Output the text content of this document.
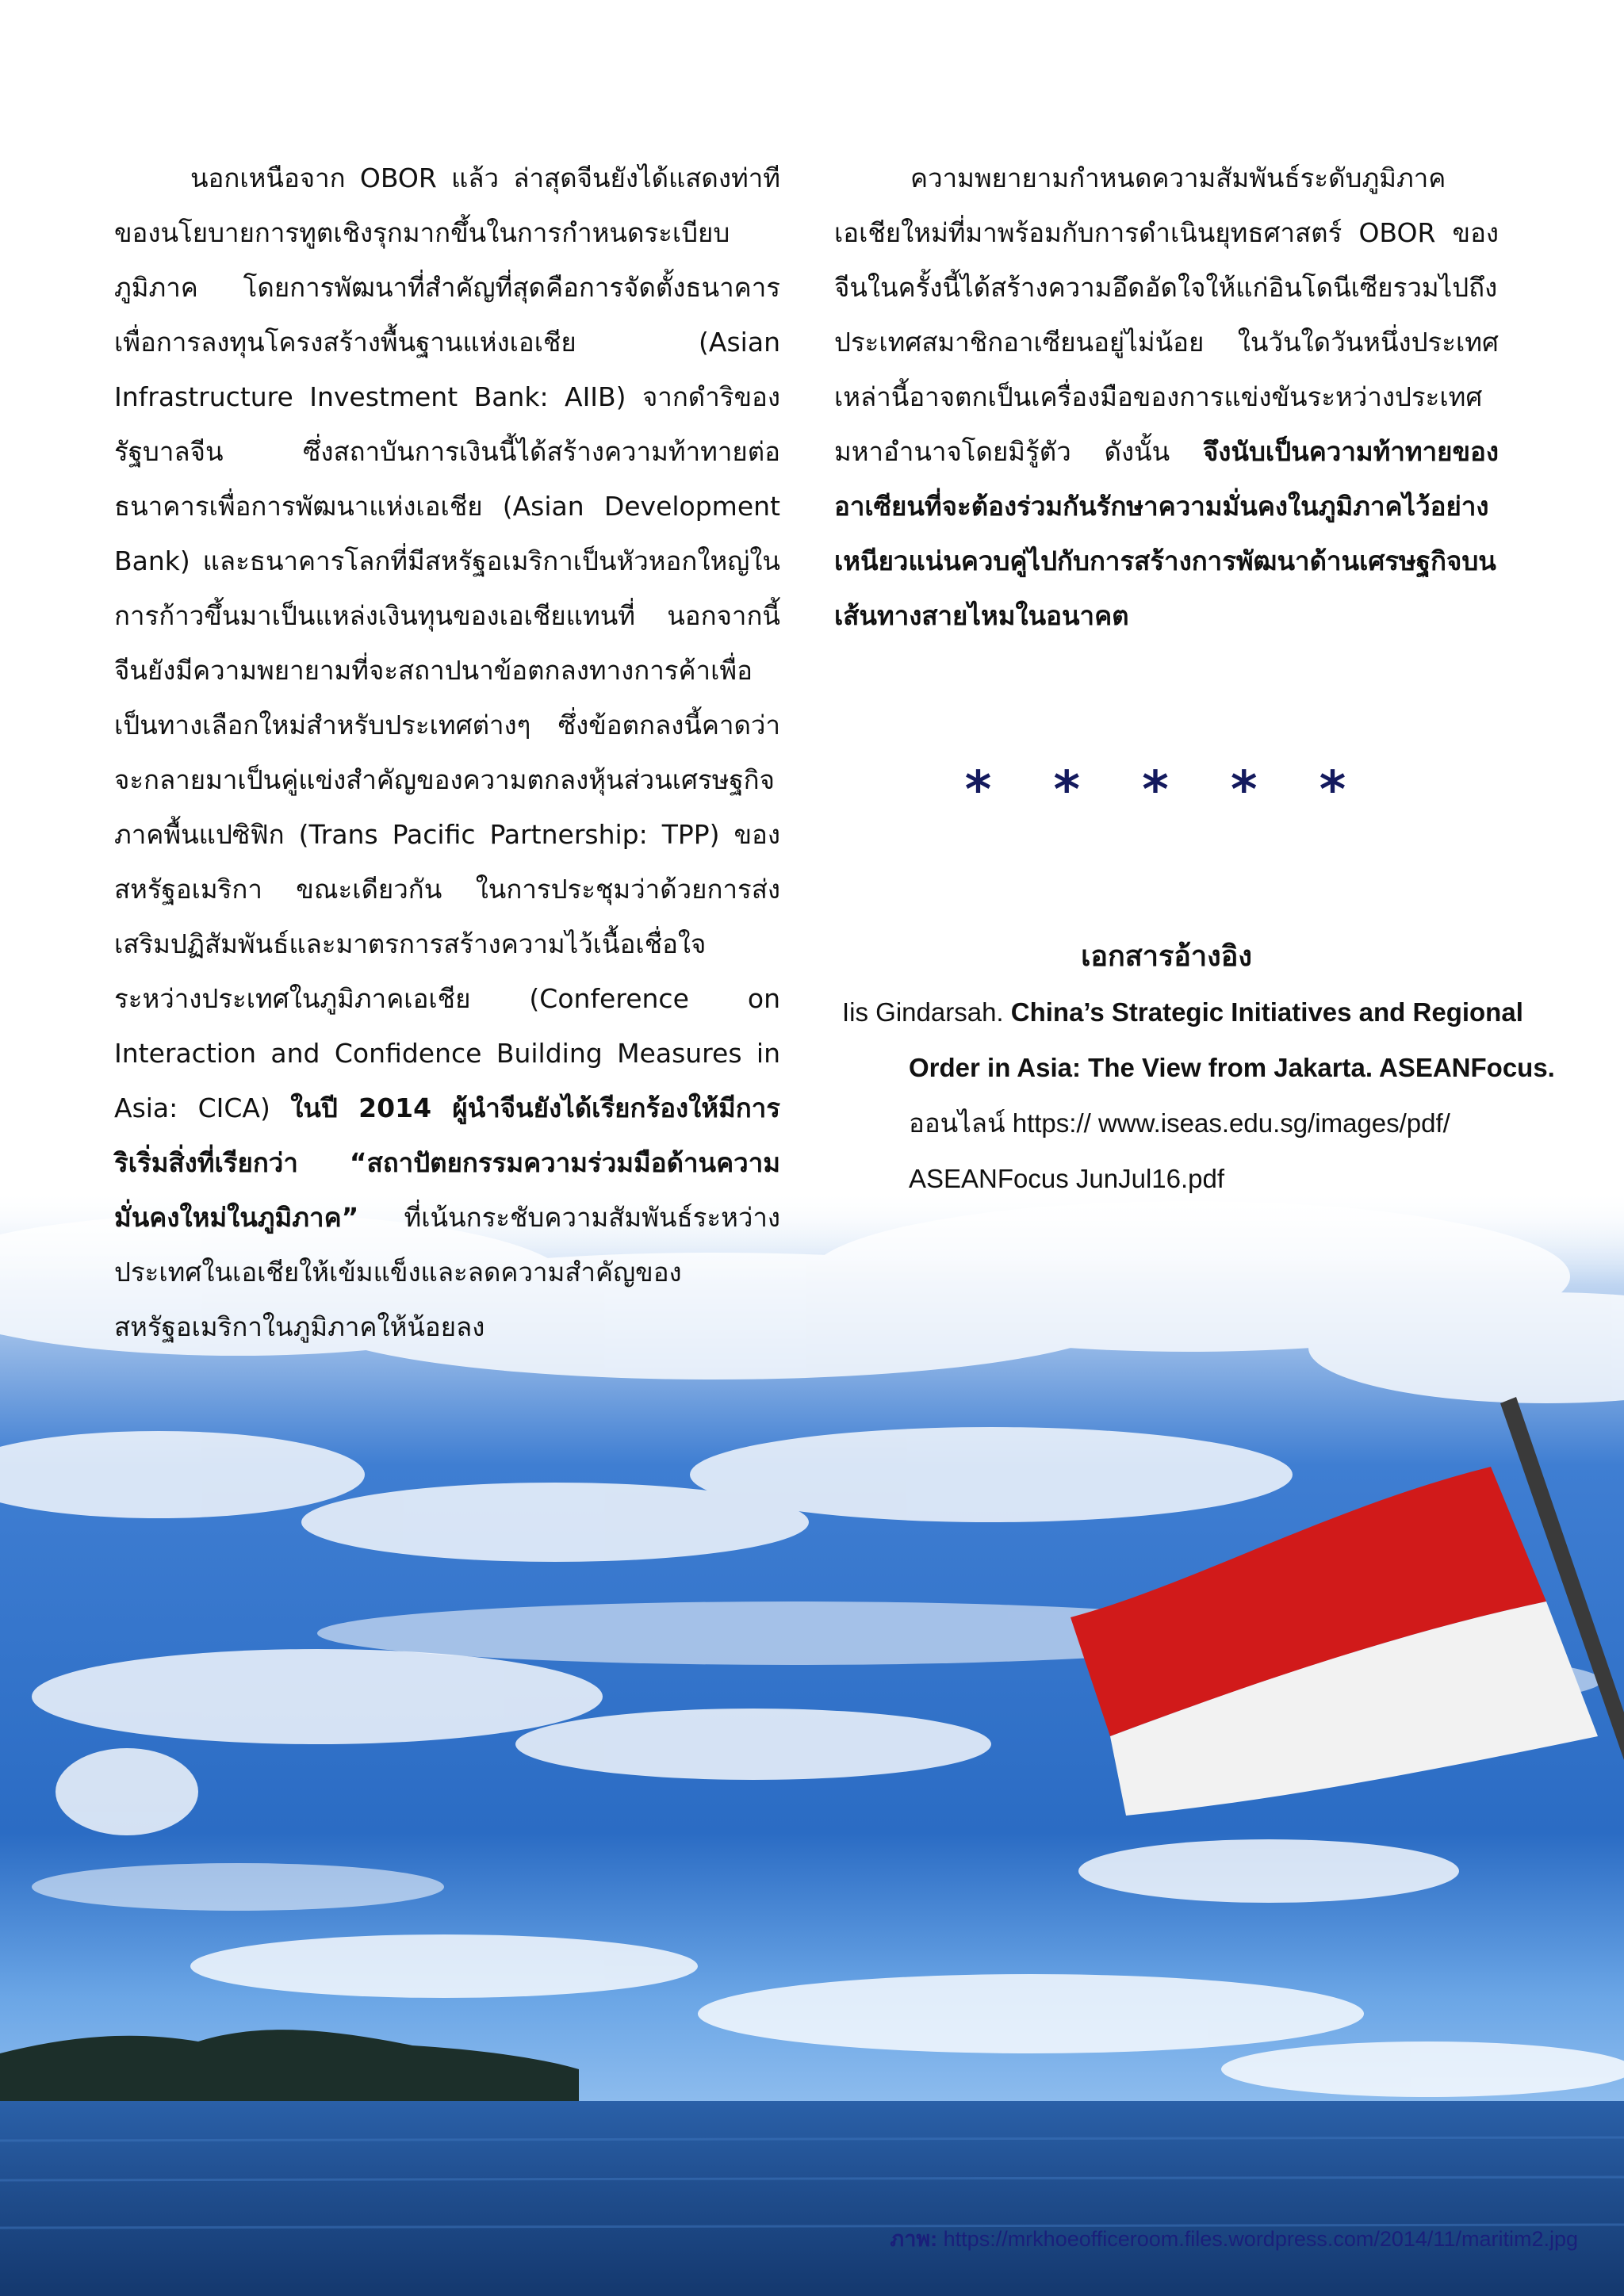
นอกเหนือจาก OBOR แล้ว ล่าสุดจีนยังได้แสดงท่าทีของนโยบายการทูตเชิงรุกมากขึ้นในการกำหนดระเบียบภูมิภาค โดยการพัฒนาที่สำคัญที่สุดคือการจัดตั้งธนาคารเพื่อการลงทุนโครงสร้างพื้นฐานแห่งเอเชีย (Asian Infrastructure Investment Bank: AIIB) จากดำริของรัฐบาลจีน ซึ่งสถาบันการเงินนี้ได้สร้างความท้าทายต่อธนาคารเพื่อการพัฒนาแห่งเอเชีย (Asian Development Bank) และธนาคารโลกที่มีสหรัฐอเมริกาเป็นหัวหอกใหญ่ในการก้าวขึ้นมาเป็นแหล่งเงินทุนของเอเชียแทนที่ นอกจากนี้ จีนยังมีความพยายามที่จะสถาปนาข้อตกลงทางการค้าเพื่อเป็นทางเลือกใหม่สำหรับประเทศต่างๆ ซึ่งข้อตกลงนี้คาดว่าจะกลายมาเป็นคู่แข่งสำคัญของความตกลงหุ้นส่วนเศรษฐกิจภาคพื้นแปซิฟิก (Trans Pacific Partnership: TPP) ของสหรัฐอเมริกา ขณะเดียวกัน ในการประชุมว่าด้วยการส่งเสริมปฏิสัมพันธ์และมาตรการสร้างความไว้เนื้อเชื่อใจระหว่างประเทศในภูมิภาคเอเชีย (Conference on Interaction and Confidence Building Measures in Asia: CICA) ในปี 2014 ผู้นำจีนยังได้เรียกร้องให้มีการริเริ่มสิ่งที่เรียกว่า “สถาปัตยกรรมความร่วมมือด้านความมั่นคงใหม่ในภูมิภาค” ที่เน้นกระชับความสัมพันธ์ระหว่างประเทศในเอเชียให้เข้มแข็งและลดความสำคัญของสหรัฐอเมริกาในภูมิภาคให้น้อยลง

ความพยายามกำหนดความสัมพันธ์ระดับภูมิภาคเอเชียใหม่ที่มาพร้อมกับการดำเนินยุทธศาสตร์ OBOR ของจีนในครั้งนี้ได้สร้างความอึดอัดใจให้แก่อินโดนีเซียรวมไปถึงประเทศสมาชิกอาเซียนอยู่ไม่น้อย ในวันใดวันหนึ่งประเทศเหล่านี้อาจตกเป็นเครื่องมือของการแข่งขันระหว่างประเทศมหาอำนาจโดยมิรู้ตัว ดังนั้น จึงนับเป็นความท้าทายของอาเซียนที่จะต้องร่วมกันรักษาความมั่นคงในภูมิภาคไว้อย่างเหนียวแน่นควบคู่ไปกับการสร้างการพัฒนาด้านเศรษฐกิจบนเส้นทางสายไหมในอนาคต

* * * * *
เอกสารอ้างอิง
Iis Gindarsah. China’s Strategic Initiatives and Regional Order in Asia: The View from Jakarta. ASEANFocus. ออนไลน์ https:// www.iseas.edu.sg/images/pdf/ ASEANFocus JunJul16.pdf
ภาพ: https://mrkhoeofficeroom.files.wordpress.com/2014/11/maritim2.jpg
